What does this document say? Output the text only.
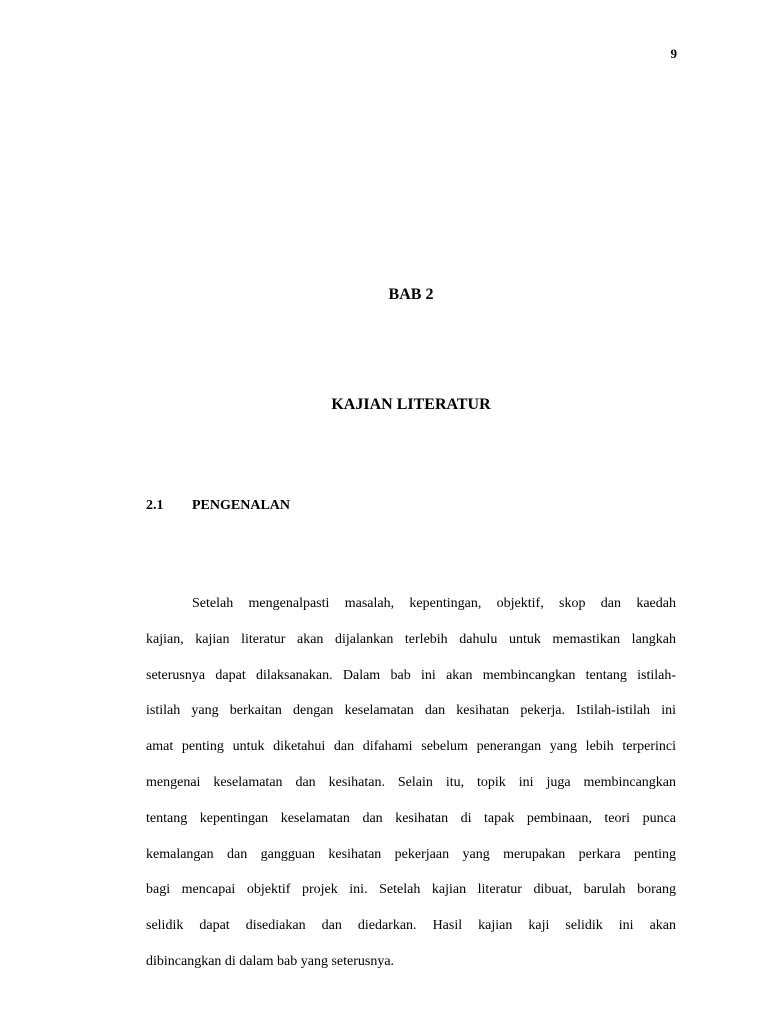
9
BAB 2
KAJIAN LITERATUR
2.1 PENGENALAN
Setelah mengenalpasti masalah, kepentingan, objektif, skop dan kaedah
kajian, kajian literatur akan dijalankan terlebih dahulu untuk memastikan langkah
seterusnya dapat dilaksanakan. Dalam bab ini akan membincangkan tentang istilah-
istilah yang berkaitan dengan keselamatan dan kesihatan pekerja. Istilah-istilah ini
amat penting untuk diketahui dan difahami sebelum penerangan yang lebih terperinci
mengenai keselamatan dan kesihatan. Selain itu, topik ini juga membincangkan
tentang kepentingan keselamatan dan kesihatan di tapak pembinaan, teori punca
kemalangan dan gangguan kesihatan pekerjaan yang merupakan perkara penting
bagi mencapai objektif projek ini. Setelah kajian literatur dibuat, barulah borang
selidik dapat disediakan dan diedarkan. Hasil kajian kaji selidik ini akan
dibincangkan di dalam bab yang seterusnya.
